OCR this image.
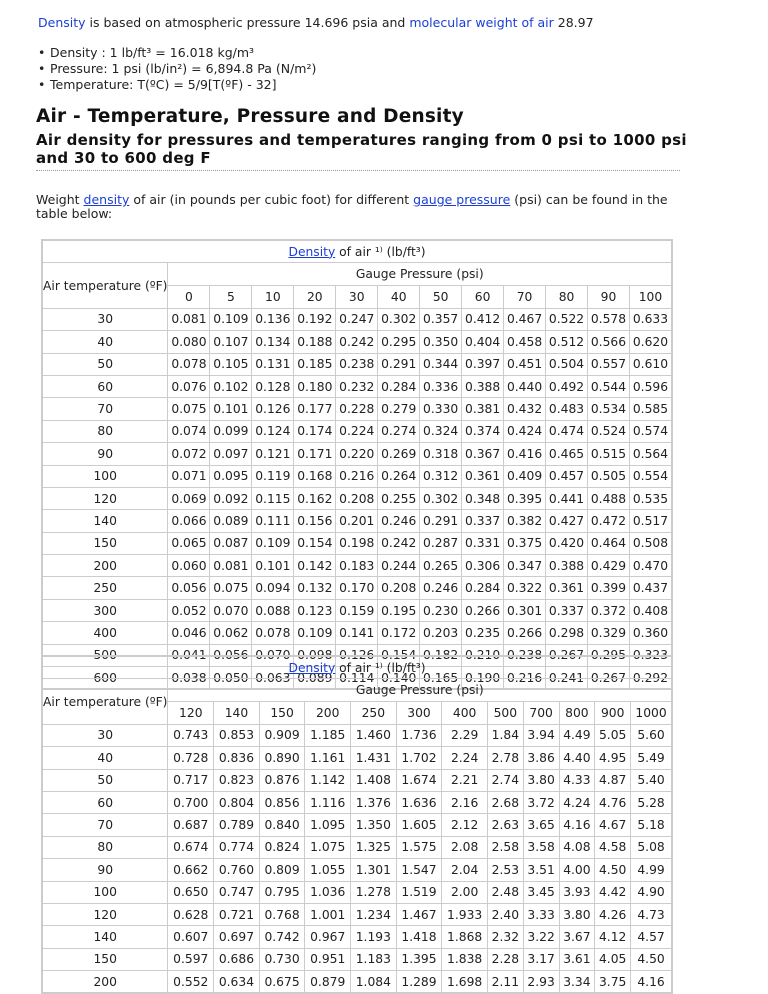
Density is based on atmospheric pressure 14.696 psia and molecular weight of air 28.97
• Density : 1 lb/ft³ = 16.018 kg/m³
• Pressure: 1 psi (lb/in²) = 6,894.8 Pa (N/m²)
• Temperature: T(ºC) = 5/9[T(ºF) - 32]
Air - Temperature, Pressure and Density
Air density for pressures and temperatures ranging from 0 psi to 1000 psi and 30 to 600 deg F
Weight density of air (in pounds per cubic foot) for different gauge pressure (psi) can be found in the table below:
Density of air ¹⁾ (lb/ft³)												
Air temperature (ºF)	Gauge Pressure (psi)											
	0	5	10	20	30	40	50	60	70	80	90	100
30	0.081	0.109	0.136	0.192	0.247	0.302	0.357	0.412	0.467	0.522	0.578	0.633
40	0.080	0.107	0.134	0.188	0.242	0.295	0.350	0.404	0.458	0.512	0.566	0.620
50	0.078	0.105	0.131	0.185	0.238	0.291	0.344	0.397	0.451	0.504	0.557	0.610
60	0.076	0.102	0.128	0.180	0.232	0.284	0.336	0.388	0.440	0.492	0.544	0.596
70	0.075	0.101	0.126	0.177	0.228	0.279	0.330	0.381	0.432	0.483	0.534	0.585
80	0.074	0.099	0.124	0.174	0.224	0.274	0.324	0.374	0.424	0.474	0.524	0.574
90	0.072	0.097	0.121	0.171	0.220	0.269	0.318	0.367	0.416	0.465	0.515	0.564
100	0.071	0.095	0.119	0.168	0.216	0.264	0.312	0.361	0.409	0.457	0.505	0.554
120	0.069	0.092	0.115	0.162	0.208	0.255	0.302	0.348	0.395	0.441	0.488	0.535
140	0.066	0.089	0.111	0.156	0.201	0.246	0.291	0.337	0.382	0.427	0.472	0.517
150	0.065	0.087	0.109	0.154	0.198	0.242	0.287	0.331	0.375	0.420	0.464	0.508
200	0.060	0.081	0.101	0.142	0.183	0.244	0.265	0.306	0.347	0.388	0.429	0.470
250	0.056	0.075	0.094	0.132	0.170	0.208	0.246	0.284	0.322	0.361	0.399	0.437
300	0.052	0.070	0.088	0.123	0.159	0.195	0.230	0.266	0.301	0.337	0.372	0.408
400	0.046	0.062	0.078	0.109	0.141	0.172	0.203	0.235	0.266	0.298	0.329	0.360
500	0.041	0.056	0.070	0.098	0.126	0.154	0.182	0.210	0.238	0.267	0.295	0.323
600	0.038	0.050	0.063	0.089	0.114	0.140	0.165	0.190	0.216	0.241	0.267	0.292
Density of air ¹⁾ (lb/ft³)												
Air temperature (ºF)	Gauge Pressure (psi)											
	120	140	150	200	250	300	400	500	700	800	900	1000
30	0.743	0.853	0.909	1.185	1.460	1.736	2.29	1.84	3.94	4.49	5.05	5.60
40	0.728	0.836	0.890	1.161	1.431	1.702	2.24	2.78	3.86	4.40	4.95	5.49
50	0.717	0.823	0.876	1.142	1.408	1.674	2.21	2.74	3.80	4.33	4.87	5.40
60	0.700	0.804	0.856	1.116	1.376	1.636	2.16	2.68	3.72	4.24	4.76	5.28
70	0.687	0.789	0.840	1.095	1.350	1.605	2.12	2.63	3.65	4.16	4.67	5.18
80	0.674	0.774	0.824	1.075	1.325	1.575	2.08	2.58	3.58	4.08	4.58	5.08
90	0.662	0.760	0.809	1.055	1.301	1.547	2.04	2.53	3.51	4.00	4.50	4.99
100	0.650	0.747	0.795	1.036	1.278	1.519	2.00	2.48	3.45	3.93	4.42	4.90
120	0.628	0.721	0.768	1.001	1.234	1.467	1.933	2.40	3.33	3.80	4.26	4.73
140	0.607	0.697	0.742	0.967	1.193	1.418	1.868	2.32	3.22	3.67	4.12	4.57
150	0.597	0.686	0.730	0.951	1.183	1.395	1.838	2.28	3.17	3.61	4.05	4.50
200	0.552	0.634	0.675	0.879	1.084	1.289	1.698	2.11	2.93	3.34	3.75	4.16
